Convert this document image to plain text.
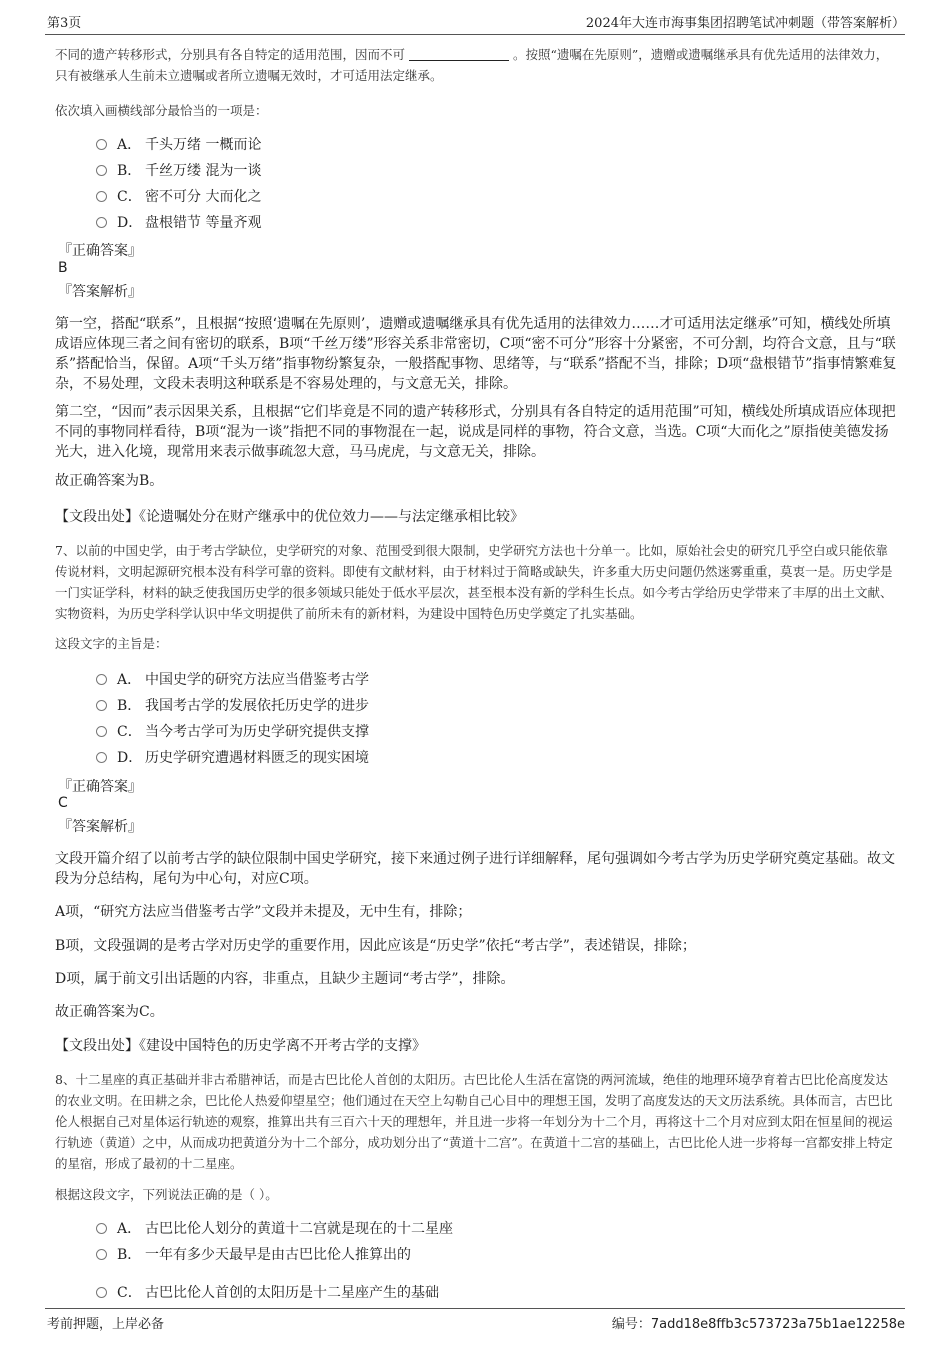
第3页	2024年大连市海事集团招聘笔试冲刺题（带答案解析）
不同的遗产转移形式，分别具有各自特定的适用范围，因而不可	。按照“遗嘱在先原则”，遗赠或遗嘱继承具有优先适用的法律效力，只有被继承人生前未立遗嘱或者所立遗嘱无效时，才可适用法定继承。
依次填入画横线部分最恰当的一项是：
A． 千头万绪 一概而论
B． 千丝万缕 混为一谈
C． 密不可分 大而化之
D． 盘根错节 等量齐观
『正确答案』
B
『答案解析』
第一空，搭配“联系”，且根据“按照‘遗嘱在先原则’，遗赠或遗嘱继承具有优先适用的法律效力……才可适用法定继承”可知，横线处所填成语应体现三者之间有密切的联系，B项“千丝万缕”形容关系非常密切，C项“密不可分”形容十分紧密，不可分割，均符合文意，且与“联系”搭配恰当，保留。A项“千头万绪”指事物纷繁复杂，一般搭配事物、思绪等，与“联系”搭配不当，排除；D项“盘根错节”指事情繁难复杂，不易处理，文段未表明这种联系是不容易处理的，与文意无关，排除。
第二空，“因而”表示因果关系，且根据“它们毕竟是不同的遗产转移形式，分别具有各自特定的适用范围”可知，横线处所填成语应体现把不同的事物同样看待，B项“混为一谈”指把不同的事物混在一起，说成是同样的事物，符合文意，当选。C项“大而化之”原指使美德发扬光大，进入化境，现常用来表示做事疏忽大意，马马虎虎，与文意无关，排除。
故正确答案为B。
【文段出处】《论遗嘱处分在财产继承中的优位效力——与法定继承相比较》
7、以前的中国史学，由于考古学缺位，史学研究的对象、范围受到很大限制，史学研究方法也十分单一。比如，原始社会史的研究几乎空白或只能依靠传说材料，文明起源研究根本没有科学可靠的资料。即使有文献材料，由于材料过于简略或缺失，许多重大历史问题仍然迷雾重重，莫衷一是。历史学是一门实证学科，材料的缺乏使我国历史学的很多领域只能处于低水平层次，甚至根本没有新的学科生长点。如今考古学给历史学带来了丰厚的出土文献、实物资料，为历史学科学认识中华文明提供了前所未有的新材料，为建设中国特色历史学奠定了扎实基础。
这段文字的主旨是：
A． 中国史学的研究方法应当借鉴考古学
B． 我国考古学的发展依托历史学的进步
C． 当今考古学可为历史学研究提供支撑
D． 历史学研究遭遇材料匮乏的现实困境
『正确答案』
C
『答案解析』
文段开篇介绍了以前考古学的缺位限制中国史学研究，接下来通过例子进行详细解释，尾句强调如今考古学为历史学研究奠定基础。故文段为分总结构，尾句为中心句，对应C项。
A项，“研究方法应当借鉴考古学”文段并未提及，无中生有，排除；
B项，文段强调的是考古学对历史学的重要作用，因此应该是“历史学”依托“考古学”，表述错误，排除；
D项，属于前文引出话题的内容，非重点，且缺少主题词“考古学”，排除。
故正确答案为C。
【文段出处】《建设中国特色的历史学离不开考古学的支撑》
8、十二星座的真正基础并非古希腊神话，而是古巴比伦人首创的太阳历。古巴比伦人生活在富饶的两河流域，绝佳的地理环境孕育着古巴比伦高度发达的农业文明。在田耕之余，巴比伦人热爱仰望星空；他们通过在天空上勾勒自己心目中的理想王国，发明了高度发达的天文历法系统。具体而言，古巴比伦人根据自己对星体运行轨迹的观察，推算出共有三百六十天的理想年，并且进一步将一年划分为十二个月，再将这十二个月对应到太阳在恒星间的视运行轨迹（黄道）之中，从而成功把黄道分为十二个部分，成功划分出了“黄道十二宫”。在黄道十二宫的基础上，古巴比伦人进一步将每一宫都安排上特定的星宿，形成了最初的十二星座。
根据这段文字，下列说法正确的是（ ）。
A． 古巴比伦人划分的黄道十二宫就是现在的十二星座
B． 一年有多少天最早是由古巴比伦人推算出的
C． 古巴比伦人首创的太阳历是十二星座产生的基础
考前押题，上岸必备	编号：7add18e8ffb3c573723a75b1ae12258e
